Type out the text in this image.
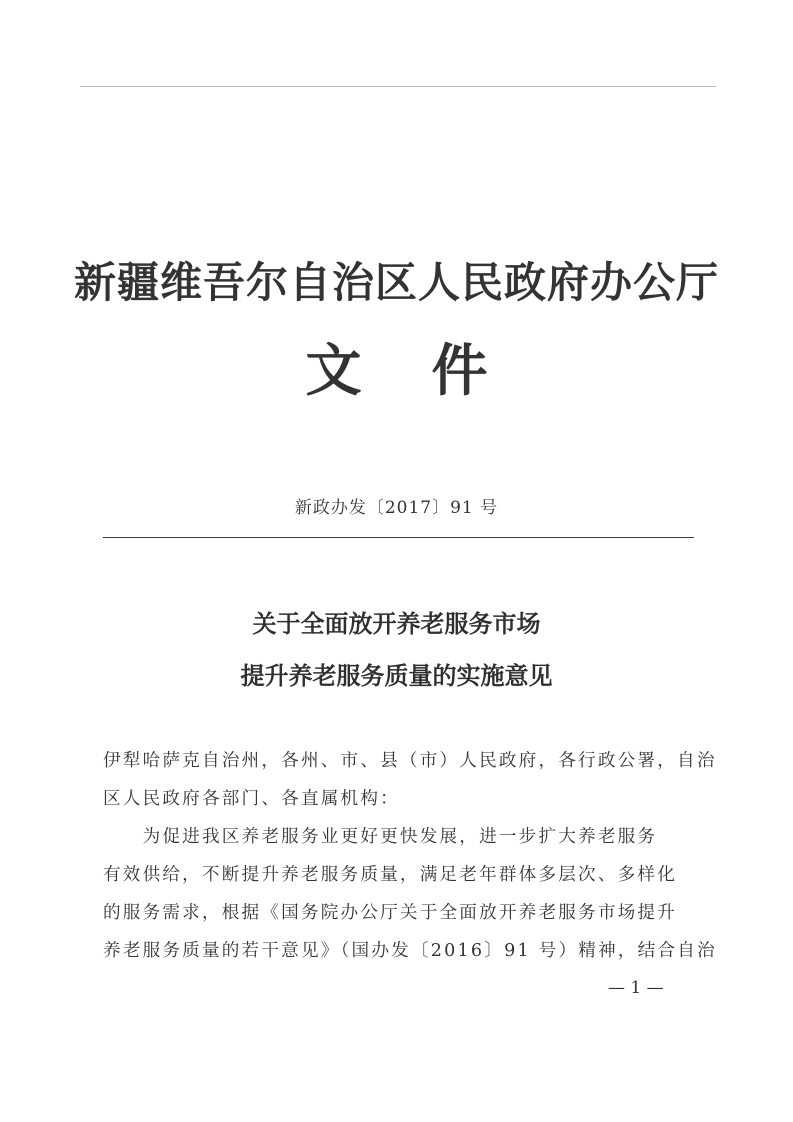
新疆维吾尔自治区人民政府办公厅
文件
新政办发〔2017〕91 号
关于全面放开养老服务市场
提升养老服务质量的实施意见
伊犁哈萨克自治州，各州、市、县（市）人民政府，各行政公署，自治
区人民政府各部门、各直属机构：
　　为促进我区养老服务业更好更快发展，进一步扩大养老服务
有效供给，不断提升养老服务质量，满足老年群体多层次、多样化
的服务需求，根据《国务院办公厅关于全面放开养老服务市场提升
养老服务质量的若干意见》（国办发〔2016〕91 号）精神，结合自治
— 1 —
